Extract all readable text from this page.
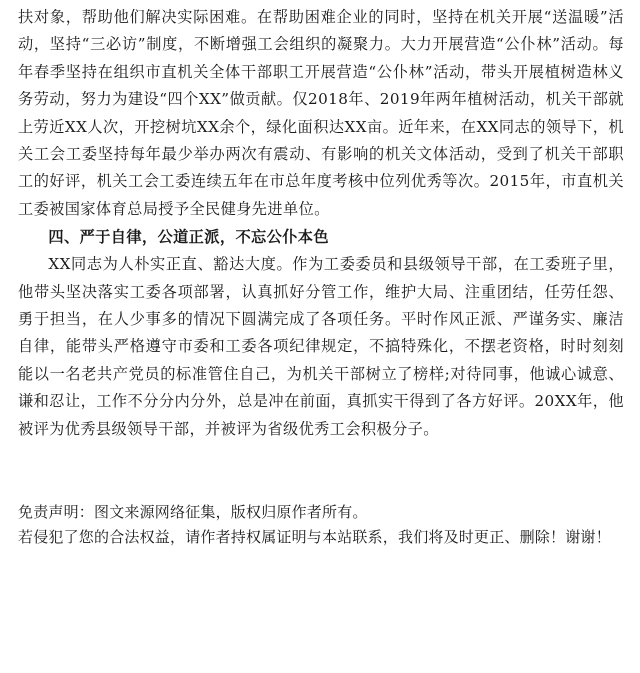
扶对象，帮助他们解决实际困难。在帮助困难企业的同时，坚持在机关开展“送温暖”活动，坚持“三必访”制度，不断增强工会组织的凝聚力。大力开展营造“公仆林”活动。每年春季坚持在组织市直机关全体干部职工开展营造“公仆林”活动，带头开展植树造林义务劳动，努力为建设“四个XX”做贡献。仅2018年、2019年两年植树活动，机关干部就上劳近XX人次，开挖树坑XX余个，绿化面积达XX亩。近年来，在XX同志的领导下，机关工会工委坚持每年最少举办两次有震动、有影响的机关文体活动，受到了机关干部职工的好评，机关工会工委连续五年在市总年度考核中位列优秀等次。2015年，市直机关工委被国家体育总局授予全民健身先进单位。

四、严于自律，公道正派，不忘公仆本色

XX同志为人朴实正直、豁达大度。作为工委委员和县级领导干部，在工委班子里，他带头坚决落实工委各项部署，认真抓好分管工作，维护大局、注重团结，任劳任怨、勇于担当，在人少事多的情况下圆满完成了各项任务。平时作风正派、严谨务实、廉洁自律，能带头严格遵守市委和工委各项纪律规定，不搞特殊化，不摆老资格，时时刻刻能以一名老共产党员的标准管住自己，为机关干部树立了榜样;对待同事，他诚心诚意、谦和忍让，工作不分分内分外，总是冲在前面，真抓实干得到了各方好评。20XX年，他被评为优秀县级领导干部，并被评为省级优秀工会积极分子。

免责声明：图文来源网络征集，版权归原作者所有。

若侵犯了您的合法权益，请作者持权属证明与本站联系，我们将及时更正、删除！谢谢！
